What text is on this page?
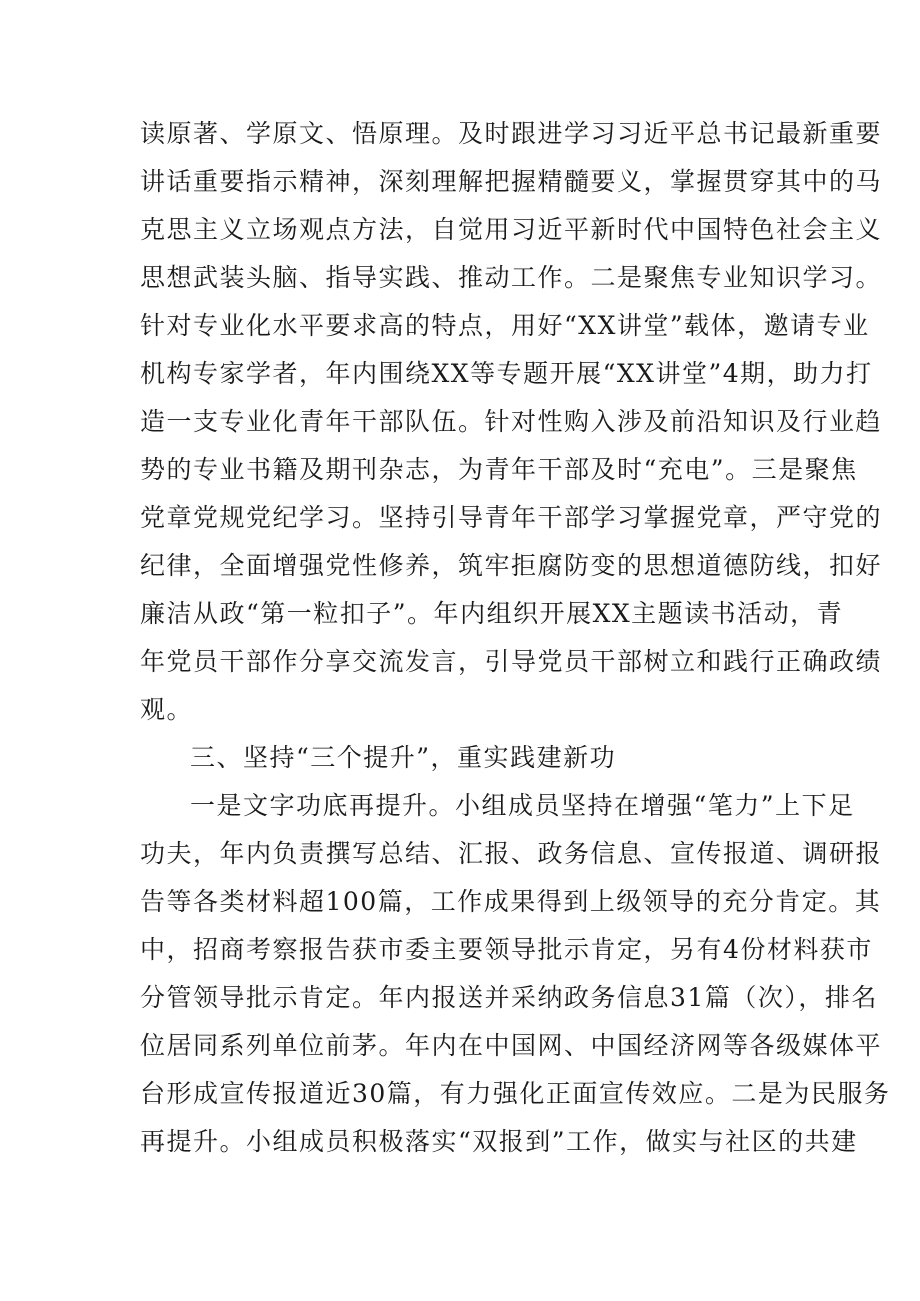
读原著、学原文、悟原理。及时跟进学习习近平总书记最新重要
讲话重要指示精神，深刻理解把握精髓要义，掌握贯穿其中的马
克思主义立场观点方法，自觉用习近平新时代中国特色社会主义
思想武装头脑、指导实践、推动工作。二是聚焦专业知识学习。
针对专业化水平要求高的特点，用好“XX讲堂”载体，邀请专业
机构专家学者，年内围绕XX等专题开展“XX讲堂”4期，助力打
造一支专业化青年干部队伍。针对性购入涉及前沿知识及行业趋
势的专业书籍及期刊杂志，为青年干部及时“充电”。三是聚焦
党章党规党纪学习。坚持引导青年干部学习掌握党章，严守党的
纪律，全面增强党性修养，筑牢拒腐防变的思想道德防线，扣好
廉洁从政“第一粒扣子”。年内组织开展XX主题读书活动，青
年党员干部作分享交流发言，引导党员干部树立和践行正确政绩
观。
三、坚持“三个提升”，重实践建新功
一是文字功底再提升。小组成员坚持在增强“笔力”上下足
功夫，年内负责撰写总结、汇报、政务信息、宣传报道、调研报
告等各类材料超100篇，工作成果得到上级领导的充分肯定。其
中，招商考察报告获市委主要领导批示肯定，另有4份材料获市
分管领导批示肯定。年内报送并采纳政务信息31篇（次），排名
位居同系列单位前茅。年内在中国网、中国经济网等各级媒体平
台形成宣传报道近30篇，有力强化正面宣传效应。二是为民服务
再提升。小组成员积极落实“双报到”工作，做实与社区的共建
